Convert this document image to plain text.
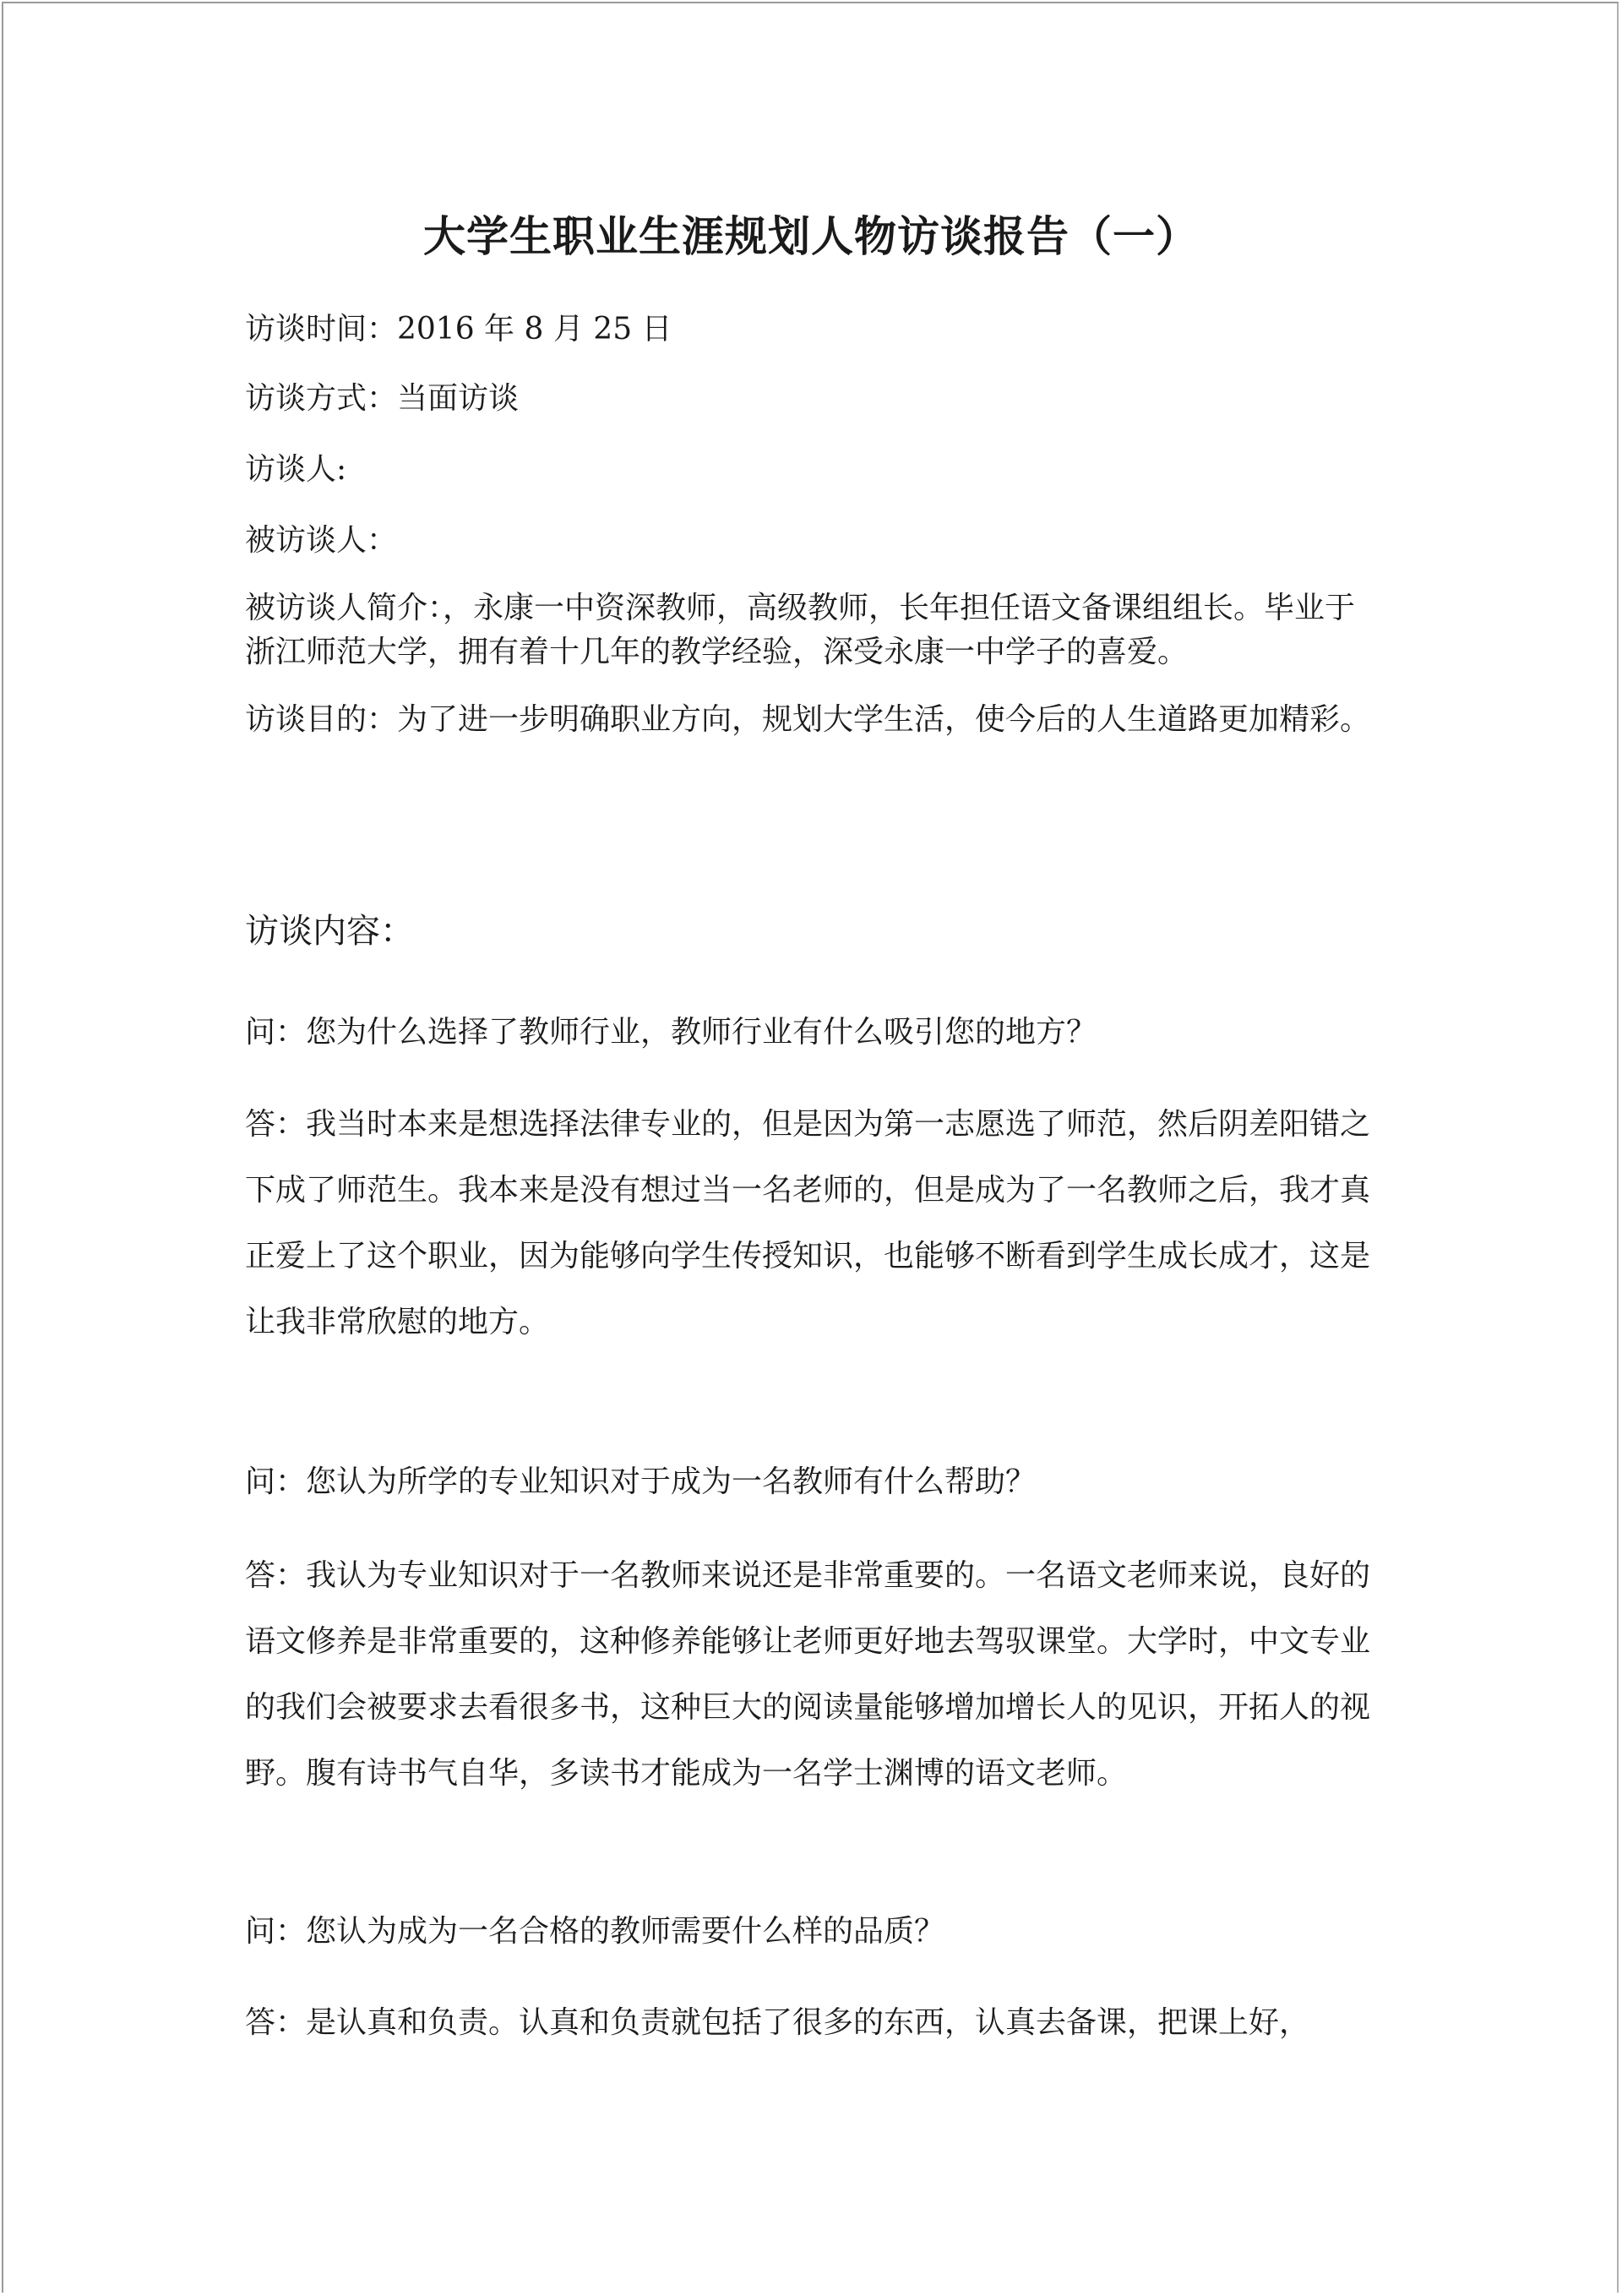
大学生职业生涯规划人物访谈报告（一）
访谈时间：2016 年 8 月 25 日
访谈方式：当面访谈
访谈人:
被访谈人：
被访谈人简介：，永康一中资深教师，高级教师，长年担任语文备课组组长。毕业于浙江师范大学，拥有着十几年的教学经验，深受永康一中学子的喜爱。
访谈目的：为了进一步明确职业方向，规划大学生活，使今后的人生道路更加精彩。
访谈内容：
问：您为什么选择了教师行业，教师行业有什么吸引您的地方？
答：我当时本来是想选择法律专业的，但是因为第一志愿选了师范，然后阴差阳错之下成了师范生。我本来是没有想过当一名老师的，但是成为了一名教师之后，我才真正爱上了这个职业，因为能够向学生传授知识，也能够不断看到学生成长成才，这是让我非常欣慰的地方。
问：您认为所学的专业知识对于成为一名教师有什么帮助？
答：我认为专业知识对于一名教师来说还是非常重要的。一名语文老师来说，良好的语文修养是非常重要的，这种修养能够让老师更好地去驾驭课堂。大学时，中文专业的我们会被要求去看很多书，这种巨大的阅读量能够增加增长人的见识，开拓人的视野。腹有诗书气自华，多读书才能成为一名学士渊博的语文老师。
问：您认为成为一名合格的教师需要什么样的品质？
答：是认真和负责。认真和负责就包括了很多的东西，认真去备课，把课上好，
